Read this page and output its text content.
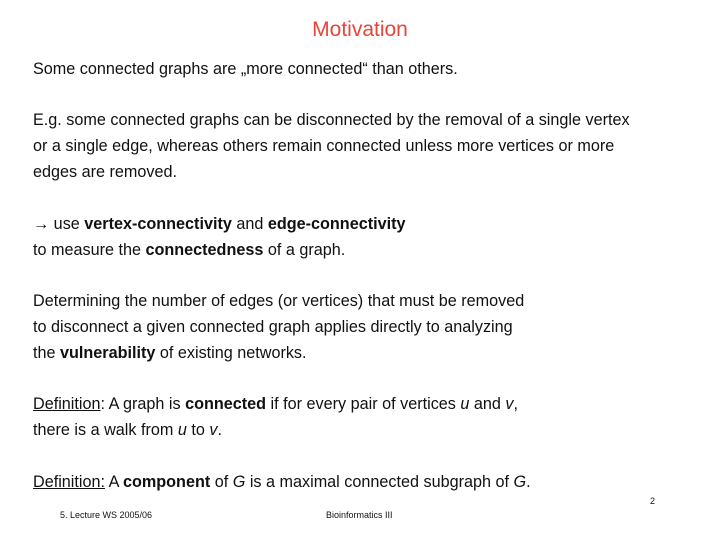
Motivation
Some connected graphs are „more connected“ than others.
E.g. some connected graphs can be disconnected by the removal of a single vertex
or a single edge, whereas others remain connected unless more vertices or more
edges are removed.
→ use vertex-connectivity and edge-connectivity
to measure the connectedness of a graph.
Determining the number of edges (or vertices) that must be removed
to disconnect a given connected graph applies directly to analyzing
the vulnerability of existing networks.
Definition: A graph is connected if for every pair of vertices u and v,
there is a walk from u to v.
Definition: A component of G is a maximal connected subgraph of G.
2
5. Lecture WS 2005/06	Bioinformatics III
